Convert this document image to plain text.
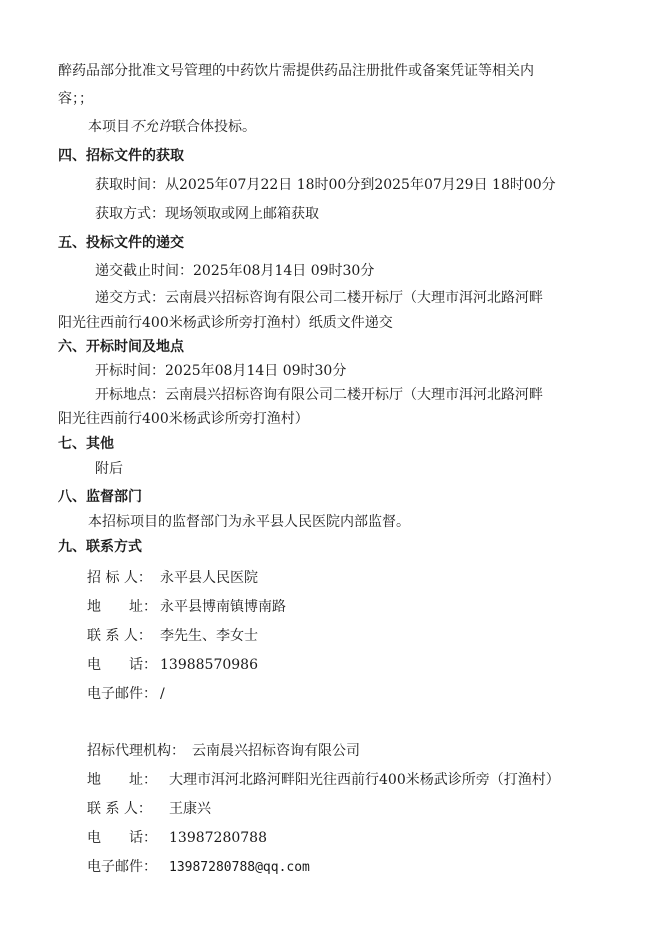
醉药品部分批准文号管理的中药饮片需提供药品注册批件或备案凭证等相关内
容；；
本项目不允许联合体投标。
四、招标文件的获取
获取时间：从2025年07月22日 18时00分到2025年07月29日 18时00分
获取方式：现场领取或网上邮箱获取
五、投标文件的递交
递交截止时间：2025年08月14日 09时30分
递交方式：云南晨兴招标咨询有限公司二楼开标厅（大理市洱河北路河畔
阳光往西前行400米杨武诊所旁打渔村）纸质文件递交
六、开标时间及地点
开标时间：2025年08月14日 09时30分
开标地点：云南晨兴招标咨询有限公司二楼开标厅（大理市洱河北路河畔
阳光往西前行400米杨武诊所旁打渔村）
七、其他
附后
八、监督部门
本招标项目的监督部门为永平县人民医院内部监督。
九、联系方式
招 标 人： 永平县人民医院
地　　址： 永平县博南镇博南路
联 系 人： 李先生、李女士
电　　话： 13988570986
电子邮件： /
招标代理机构： 云南晨兴招标咨询有限公司
地　　址： 大理市洱河北路河畔阳光往西前行400米杨武诊所旁（打渔村）
联 系 人： 王康兴
电　　话： 13987280788
电子邮件： 13987280788@qq.com
